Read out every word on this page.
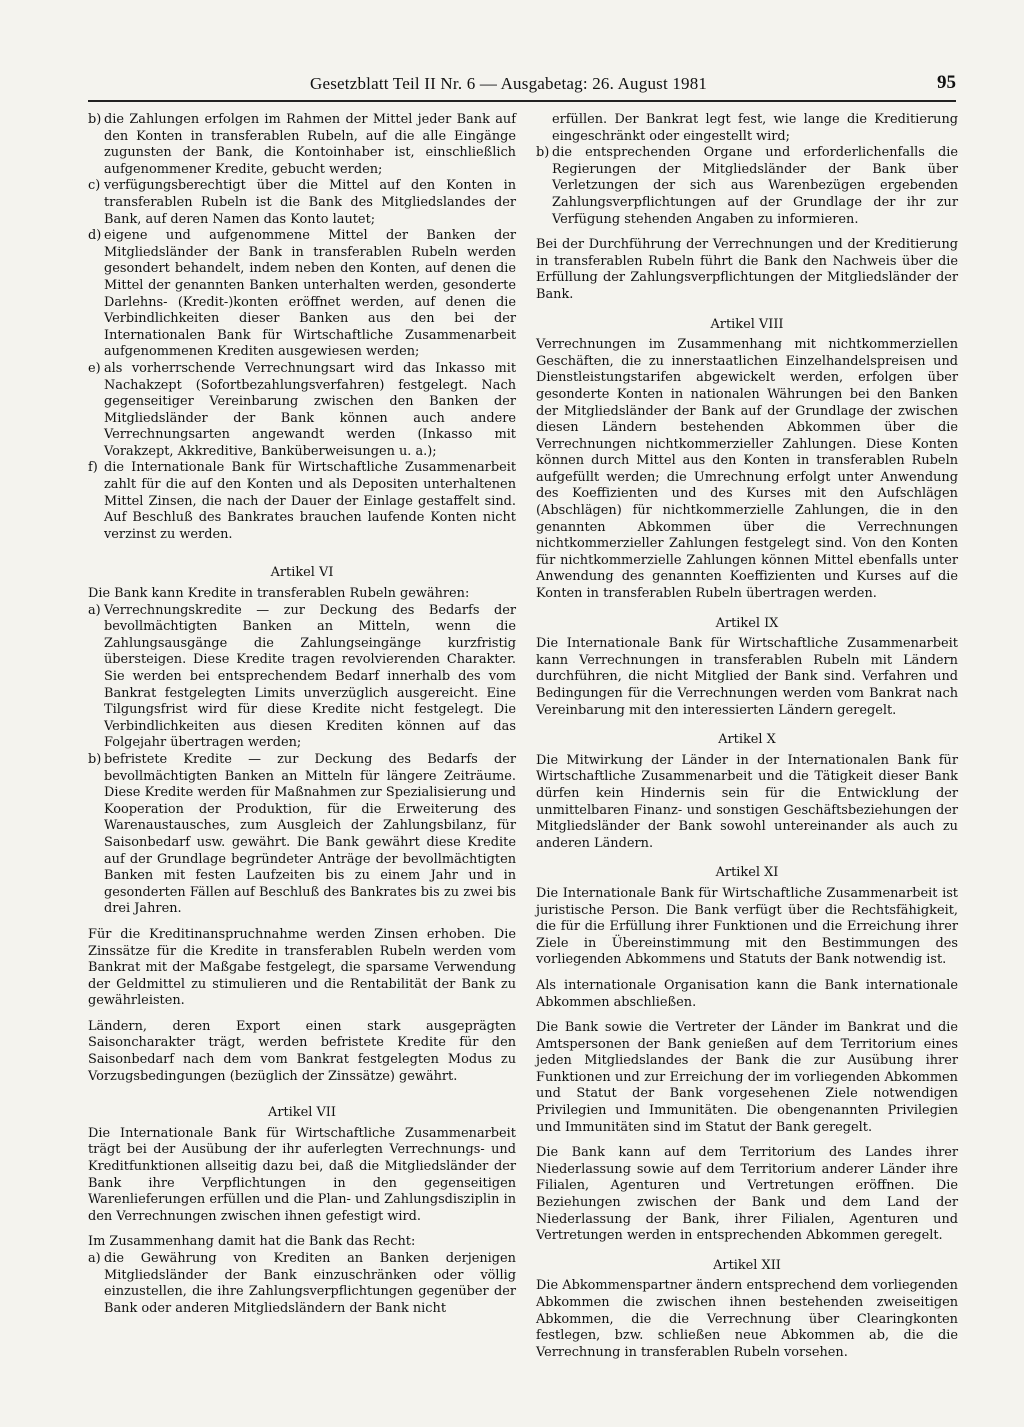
Gesetzblatt Teil II Nr. 6 — Ausgabetag: 26. August 1981	95
b) die Zahlungen erfolgen im Rahmen der Mittel jeder Bank auf den Konten in transferablen Rubeln, auf die alle Eingänge zugunsten der Bank, die Kontoinhaber ist, einschließlich aufgenommener Kredite, gebucht werden;
c) verfügungsberechtigt über die Mittel auf den Konten in transferablen Rubeln ist die Bank des Mitgliedslandes der Bank, auf deren Namen das Konto lautet;
d) eigene und aufgenommene Mittel der Banken der Mitgliedsländer der Bank in transferablen Rubeln werden gesondert behandelt, indem neben den Konten, auf denen die Mittel der genannten Banken unterhalten werden, gesonderte Darlehns- (Kredit-)konten eröffnet werden, auf denen die Verbindlichkeiten dieser Banken aus den bei der Internationalen Bank für Wirtschaftliche Zusammenarbeit aufgenommenen Krediten ausgewiesen werden;
e) als vorherrschende Verrechnungsart wird das Inkasso mit Nachakzept (Sofortbezahlungsverfahren) festgelegt. Nach gegenseitiger Vereinbarung zwischen den Banken der Mitgliedsländer der Bank können auch andere Verrechnungsarten angewandt werden (Inkasso mit Vorakzept, Akkreditive, Banküberweisungen u. a.);
f) die Internationale Bank für Wirtschaftliche Zusammenarbeit zahlt für die auf den Konten und als Depositen unterhaltenen Mittel Zinsen, die nach der Dauer der Einlage gestaffelt sind. Auf Beschluß des Bankrates brauchen laufende Konten nicht verzinst zu werden.
Artikel VI

Die Bank kann Kredite in transferablen Rubeln gewähren:

a) Verrechnungskredite — zur Deckung des Bedarfs der bevollmächtigten Banken an Mitteln, wenn die Zahlungsausgänge die Zahlungseingänge kurzfristig übersteigen. Diese Kredite tragen revolvierenden Charakter. Sie werden bei entsprechendem Bedarf innerhalb des vom Bankrat festgelegten Limits unverzüglich ausgereicht. Eine Tilgungsfrist wird für diese Kredite nicht festgelegt. Die Verbindlichkeiten aus diesen Krediten können auf das Folgejahr übertragen werden;
b) befristete Kredite — zur Deckung des Bedarfs der bevollmächtigten Banken an Mitteln für längere Zeiträume. Diese Kredite werden für Maßnahmen zur Spezialisierung und Kooperation der Produktion, für die Erweiterung des Warenaustausches, zum Ausgleich der Zahlungsbilanz, für Saisonbedarf usw. gewährt. Die Bank gewährt diese Kredite auf der Grundlage begründeter Anträge der bevollmächtigten Banken mit festen Laufzeiten bis zu einem Jahr und in gesonderten Fällen auf Beschluß des Bankrates bis zu zwei bis drei Jahren.

Für die Kreditinanspruchnahme werden Zinsen erhoben. Die Zinssätze für die Kredite in transferablen Rubeln werden vom Bankrat mit der Maßgabe festgelegt, die sparsame Verwendung der Geldmittel zu stimulieren und die Rentabilität der Bank zu gewährleisten.

Ländern, deren Export einen stark ausgeprägten Saisoncharakter trägt, werden befristete Kredite für den Saisonbedarf nach dem vom Bankrat festgelegten Modus zu Vorzugsbedingungen (bezüglich der Zinssätze) gewährt.

Artikel VII

Die Internationale Bank für Wirtschaftliche Zusammenarbeit trägt bei der Ausübung der ihr auferlegten Verrechnungs- und Kreditfunktionen allseitig dazu bei, daß die Mitgliedsländer der Bank ihre Verpflichtungen in den gegenseitigen Warenlieferungen erfüllen und die Plan- und Zahlungsdisziplin in den Verrechnungen zwischen ihnen gefestigt wird.

Im Zusammenhang damit hat die Bank das Recht:

a) die Gewährung von Krediten an Banken derjenigen Mitgliedsländer der Bank einzuschränken oder völlig einzustellen, die ihre Zahlungsverpflichtungen gegenüber der Bank oder anderen Mitgliedsländern der Bank nicht

erfüllen. Der Bankrat legt fest, wie lange die Kreditierung eingeschränkt oder eingestellt wird;

b) die entsprechenden Organe und erforderlichenfalls die Regierungen der Mitgliedsländer der Bank über Verletzungen der sich aus Warenbezügen ergebenden Zahlungsverpflichtungen auf der Grundlage der ihr zur Verfügung stehenden Angaben zu informieren.

Bei der Durchführung der Verrechnungen und der Kreditierung in transferablen Rubeln führt die Bank den Nachweis über die Erfüllung der Zahlungsverpflichtungen der Mitgliedsländer der Bank.

Artikel VIII

Verrechnungen im Zusammenhang mit nichtkommerziellen Geschäften, die zu innerstaatlichen Einzelhandelspreisen und Dienstleistungstarifen abgewickelt werden, erfolgen über gesonderte Konten in nationalen Währungen bei den Banken der Mitgliedsländer der Bank auf der Grundlage der zwischen diesen Ländern bestehenden Abkommen über die Verrechnungen nichtkommerzieller Zahlungen. Diese Konten können durch Mittel aus den Konten in transferablen Rubeln aufgefüllt werden; die Umrechnung erfolgt unter Anwendung des Koeffizienten und des Kurses mit den Aufschlägen (Abschlägen) für nichtkommerzielle Zahlungen, die in den genannten Abkommen über die Verrechnungen nichtkommerzieller Zahlungen festgelegt sind. Von den Konten für nichtkommerzielle Zahlungen können Mittel ebenfalls unter Anwendung des genannten Koeffizienten und Kurses auf die Konten in transferablen Rubeln übertragen werden.

Artikel IX

Die Internationale Bank für Wirtschaftliche Zusammenarbeit kann Verrechnungen in transferablen Rubeln mit Ländern durchführen, die nicht Mitglied der Bank sind. Verfahren und Bedingungen für die Verrechnungen werden vom Bankrat nach Vereinbarung mit den interessierten Ländern geregelt.

Artikel X

Die Mitwirkung der Länder in der Internationalen Bank für Wirtschaftliche Zusammenarbeit und die Tätigkeit dieser Bank dürfen kein Hindernis sein für die Entwicklung der unmittelbaren Finanz- und sonstigen Geschäftsbeziehungen der Mitgliedsländer der Bank sowohl untereinander als auch zu anderen Ländern.

Artikel XI

Die Internationale Bank für Wirtschaftliche Zusammenarbeit ist juristische Person. Die Bank verfügt über die Rechtsfähigkeit, die für die Erfüllung ihrer Funktionen und die Erreichung ihrer Ziele in Übereinstimmung mit den Bestimmungen des vorliegenden Abkommens und Statuts der Bank notwendig ist.

Als internationale Organisation kann die Bank internationale Abkommen abschließen.

Die Bank sowie die Vertreter der Länder im Bankrat und die Amtspersonen der Bank genießen auf dem Territorium eines jeden Mitgliedslandes der Bank die zur Ausübung ihrer Funktionen und zur Erreichung der im vorliegenden Abkommen und Statut der Bank vorgesehenen Ziele notwendigen Privilegien und Immunitäten. Die obengenannten Privilegien und Immunitäten sind im Statut der Bank geregelt.

Die Bank kann auf dem Territorium des Landes ihrer Niederlassung sowie auf dem Territorium anderer Länder ihre Filialen, Agenturen und Vertretungen eröffnen. Die Beziehungen zwischen der Bank und dem Land der Niederlassung der Bank, ihrer Filialen, Agenturen und Vertretungen werden in entsprechenden Abkommen geregelt.

Artikel XII

Die Abkommenspartner ändern entsprechend dem vorliegenden Abkommen die zwischen ihnen bestehenden zweiseitigen Abkommen, die die Verrechnung über Clearingkonten festlegen, bzw. schließen neue Abkommen ab, die die Verrechnung in transferablen Rubeln vorsehen.
